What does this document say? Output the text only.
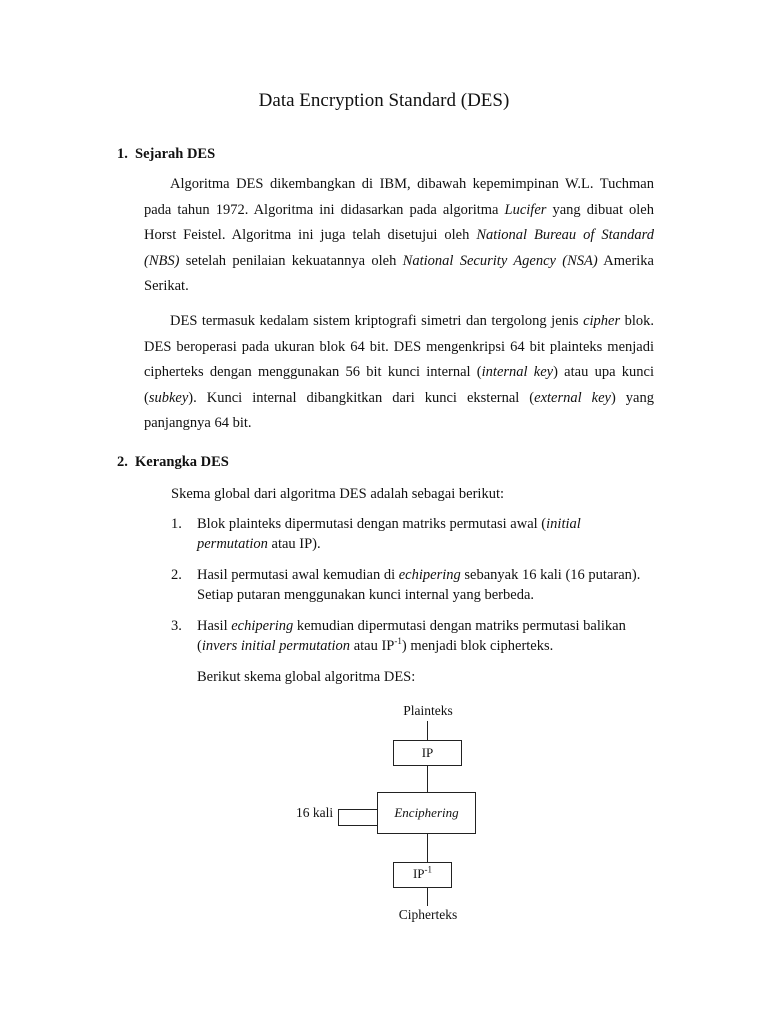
Data Encryption Standard (DES)
1. Sejarah DES

Algoritma DES dikembangkan di IBM, dibawah kepemimpinan W.L. Tuchman pada tahun 1972. Algoritma ini didasarkan pada algoritma Lucifer yang dibuat oleh Horst Feistel. Algoritma ini juga telah disetujui oleh National Bureau of Standard (NBS) setelah penilaian kekuatannya oleh National Security Agency (NSA) Amerika Serikat.

DES termasuk kedalam sistem kriptografi simetri dan tergolong jenis cipher blok. DES beroperasi pada ukuran blok 64 bit. DES mengenkripsi 64 bit plainteks menjadi cipherteks dengan menggunakan 56 bit kunci internal (internal key) atau upa kunci (subkey). Kunci internal dibangkitkan dari kunci eksternal (external key) yang panjangnya 64 bit.

2. Kerangka DES

Skema global dari algoritma DES adalah sebagai berikut:

1. Blok plainteks dipermutasi dengan matriks permutasi awal (initial permutation atau IP).
2. Hasil permutasi awal kemudian di echipering sebanyak 16 kali (16 putaran). Setiap putaran menggunakan kunci internal yang berbeda.
3. Hasil echipering kemudian dipermutasi dengan matriks permutasi balikan (invers initial permutation atau $IP^{-1}$) menjadi blok cipherteks.

Berikut skema global algoritma DES:

Plainteks
IP
Enciphering
16 kali
$IP^{-1}$
Cipherteks
